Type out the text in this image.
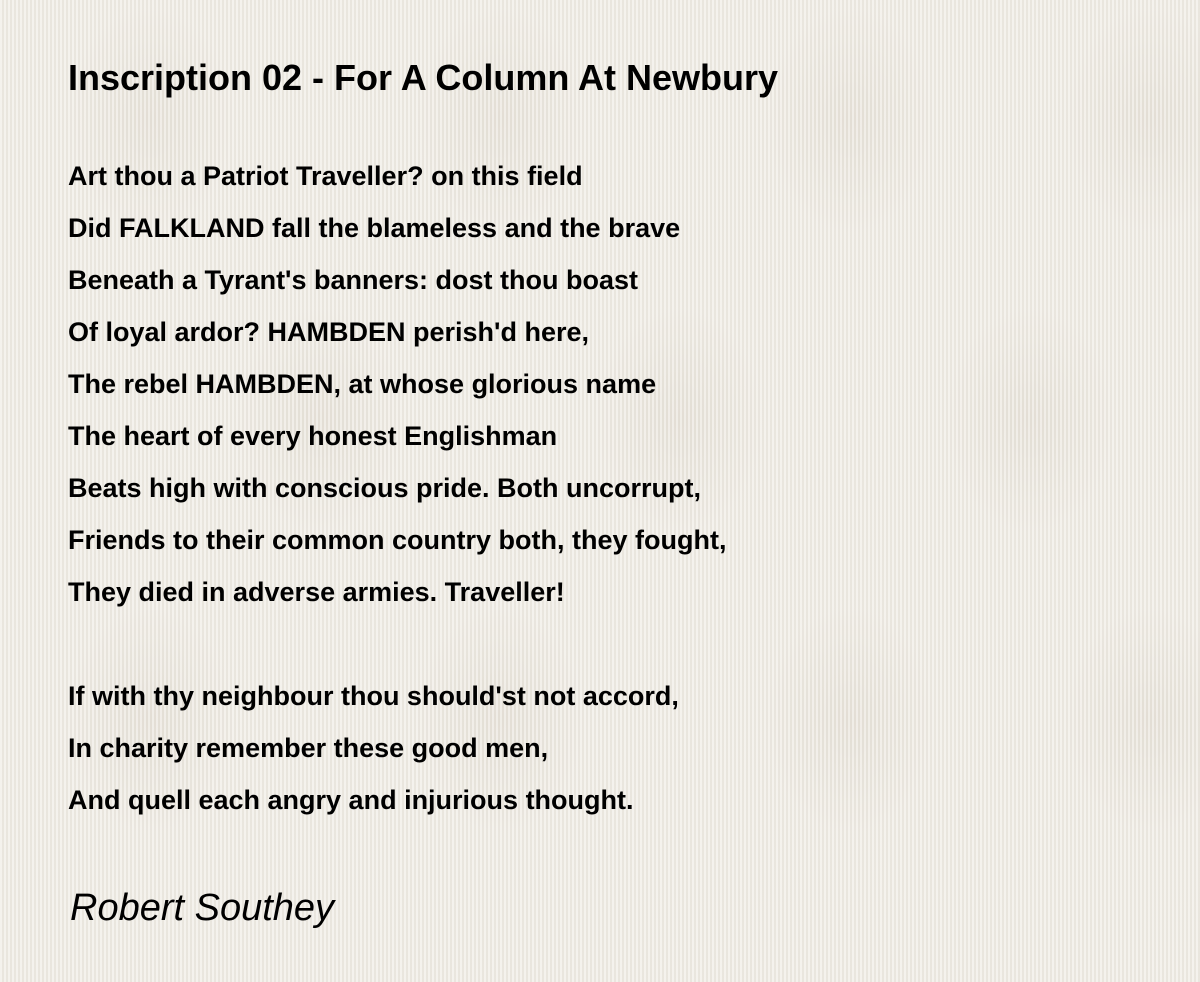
Inscription 02 - For A Column At Newbury
Art thou a Patriot Traveller? on this field
Did FALKLAND fall the blameless and the brave
Beneath a Tyrant's banners: dost thou boast
Of loyal ardor? HAMBDEN perish'd here,
The rebel HAMBDEN, at whose glorious name
The heart of every honest Englishman
Beats high with conscious pride. Both uncorrupt,
Friends to their common country both, they fought,
They died in adverse armies. Traveller!
If with thy neighbour thou should'st not accord,
In charity remember these good men,
And quell each angry and injurious thought.

Robert Southey
